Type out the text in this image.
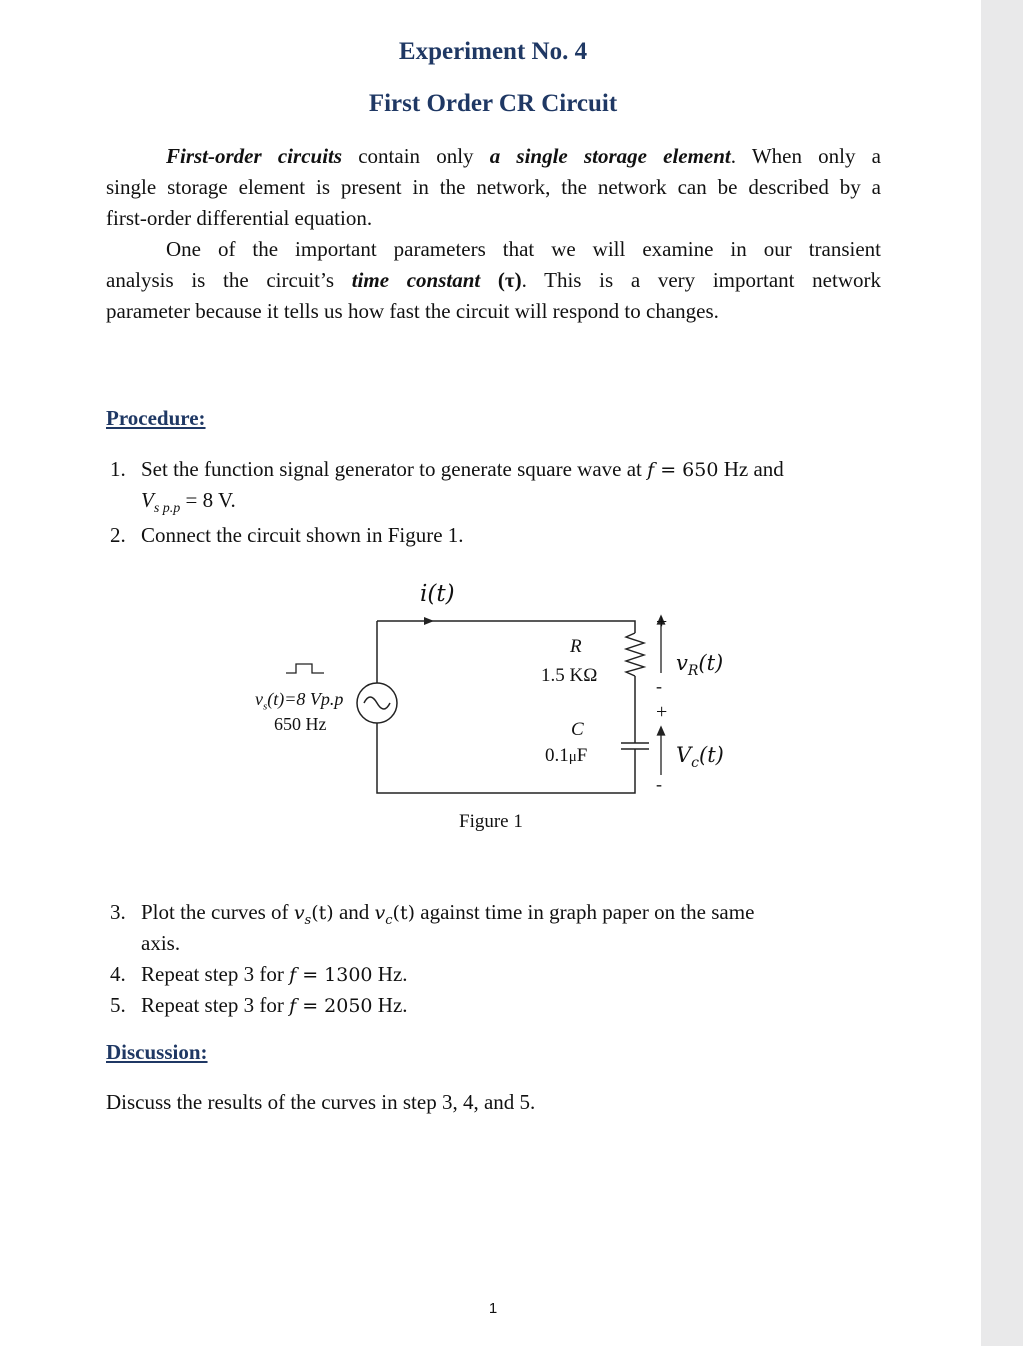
Experiment No. 4
First Order CR Circuit
First-order circuits contain only a single storage element. When only a
single storage element is present in the network, the network can be described by a
first-order differential equation.
One of the important parameters that we will examine in our transient
analysis is the circuit’s time constant (τ). This is a very important network
parameter because it tells us how fast the circuit will respond to changes.
Procedure:
1. Set the function signal generator to generate square wave at f = 650 Hz and
$V_{s p.p} = 8$ V.
2. Connect the circuit shown in Figure 1.
i(t)
$v_s(t)=8$ Vp.p
650 Hz
R
1.5 KΩ
C
0.1μF
+
-
+
-
$v_R(t)$
$V_c(t)$
Figure 1
3. Plot the curves of $v_s(t)$ and $v_c(t)$ against time in graph paper on the same
axis.
4. Repeat step 3 for f = 1300 Hz.
5. Repeat step 3 for f = 2050 Hz.
Discussion:
Discuss the results of the curves in step 3, 4, and 5.
1
